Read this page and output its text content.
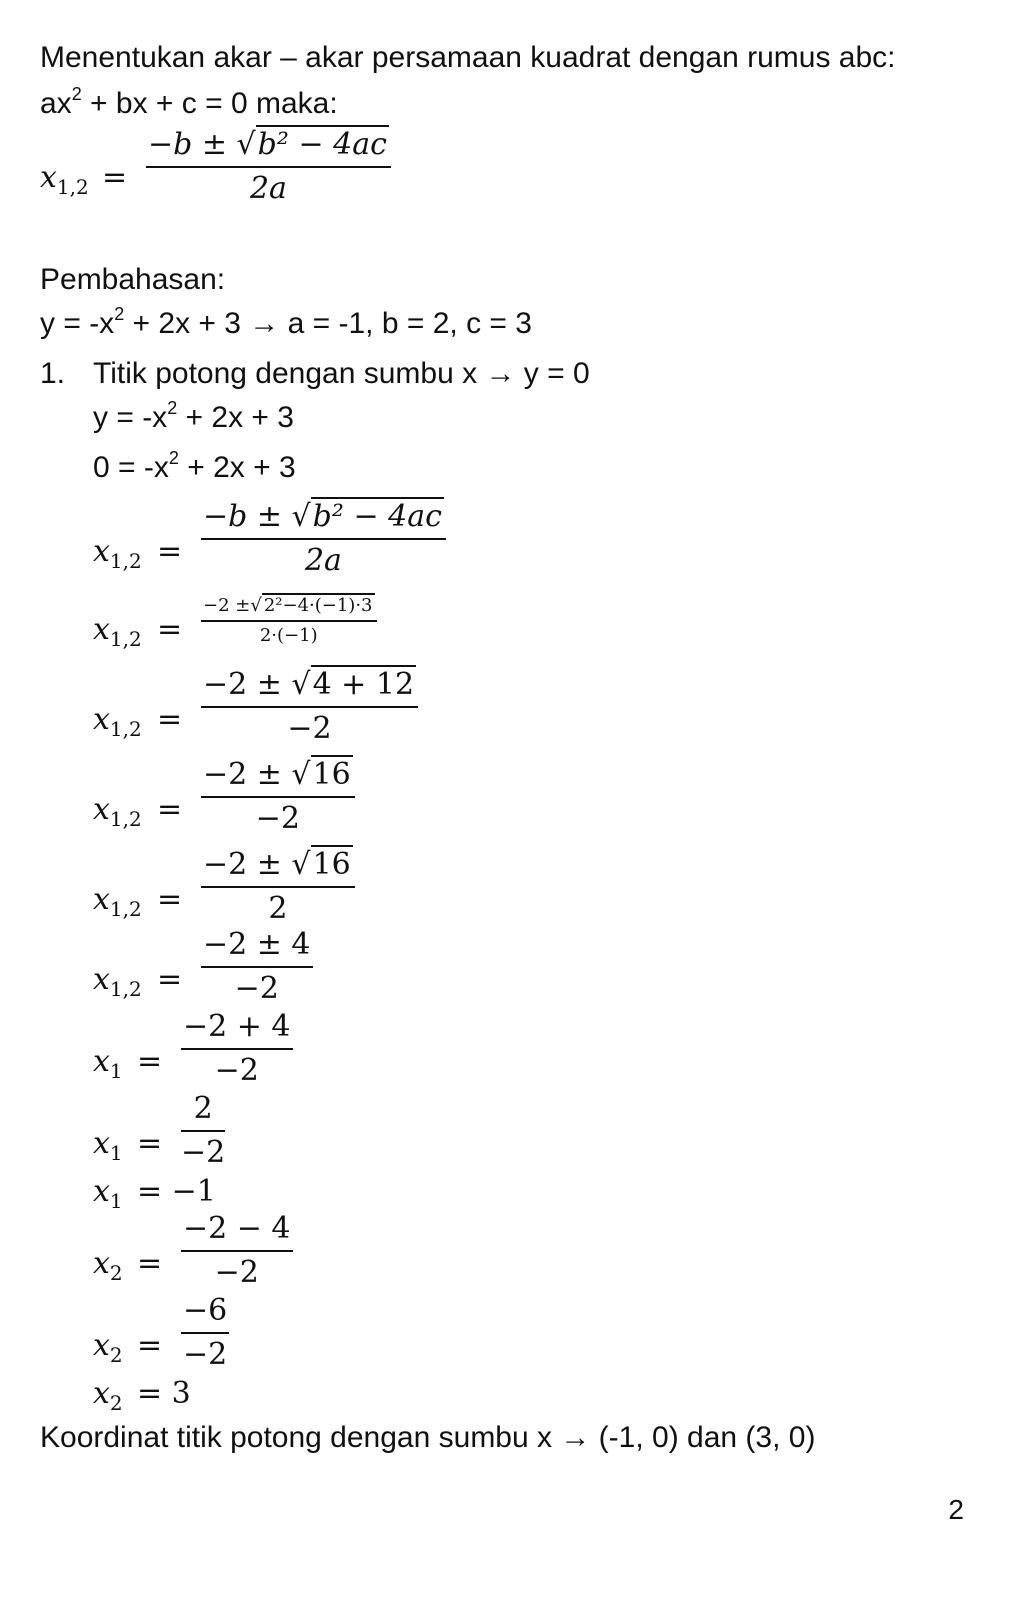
Menentukan akar – akar persamaan kuadrat dengan rumus abc:
$ax^2$ + bx + c = 0 maka:
$x_{1,2} = \frac{\text{−b ± √b² − 4ac}}{2a}$
Pembahasan:
$y = -x^2 + 2x + 3 \to a = -1$, b = 2, c = 3
1. Titik potong dengan sumbu x → y = 0
$y = -x^2 + 2x + 3$
$0 = -x^2 + 2x + 3$
$x_{1,2} = \frac{\text{−b ± √b² − 4ac}}{2a}$
$x_{1,2} = \frac{\text{−2 ±√ 2²−4·(−1)·3}}{2\cdot(-1)}$
$x_{1,2} = \frac{-2 \pm √4 + 12}{-2}$
$x_{1,2} = \frac{-2 \pm √16}{-2}$
$x_{1,2} = \frac{-2 \pm √16}{2}$
$x_{1,2} = \frac{-2 \pm 4}{-2}$
$x_1 = \frac{-2 + 4}{-2}$
$x_1 = \frac{2}{-2}$
$x_1 = -1$
$x_2 = \frac{-2 - 4}{-2}$
$x_2 = \frac{-6}{-2}$
$x_2 = 3$
Koordinat titik potong dengan sumbu x → (-1, 0) dan (3, 0)
2
